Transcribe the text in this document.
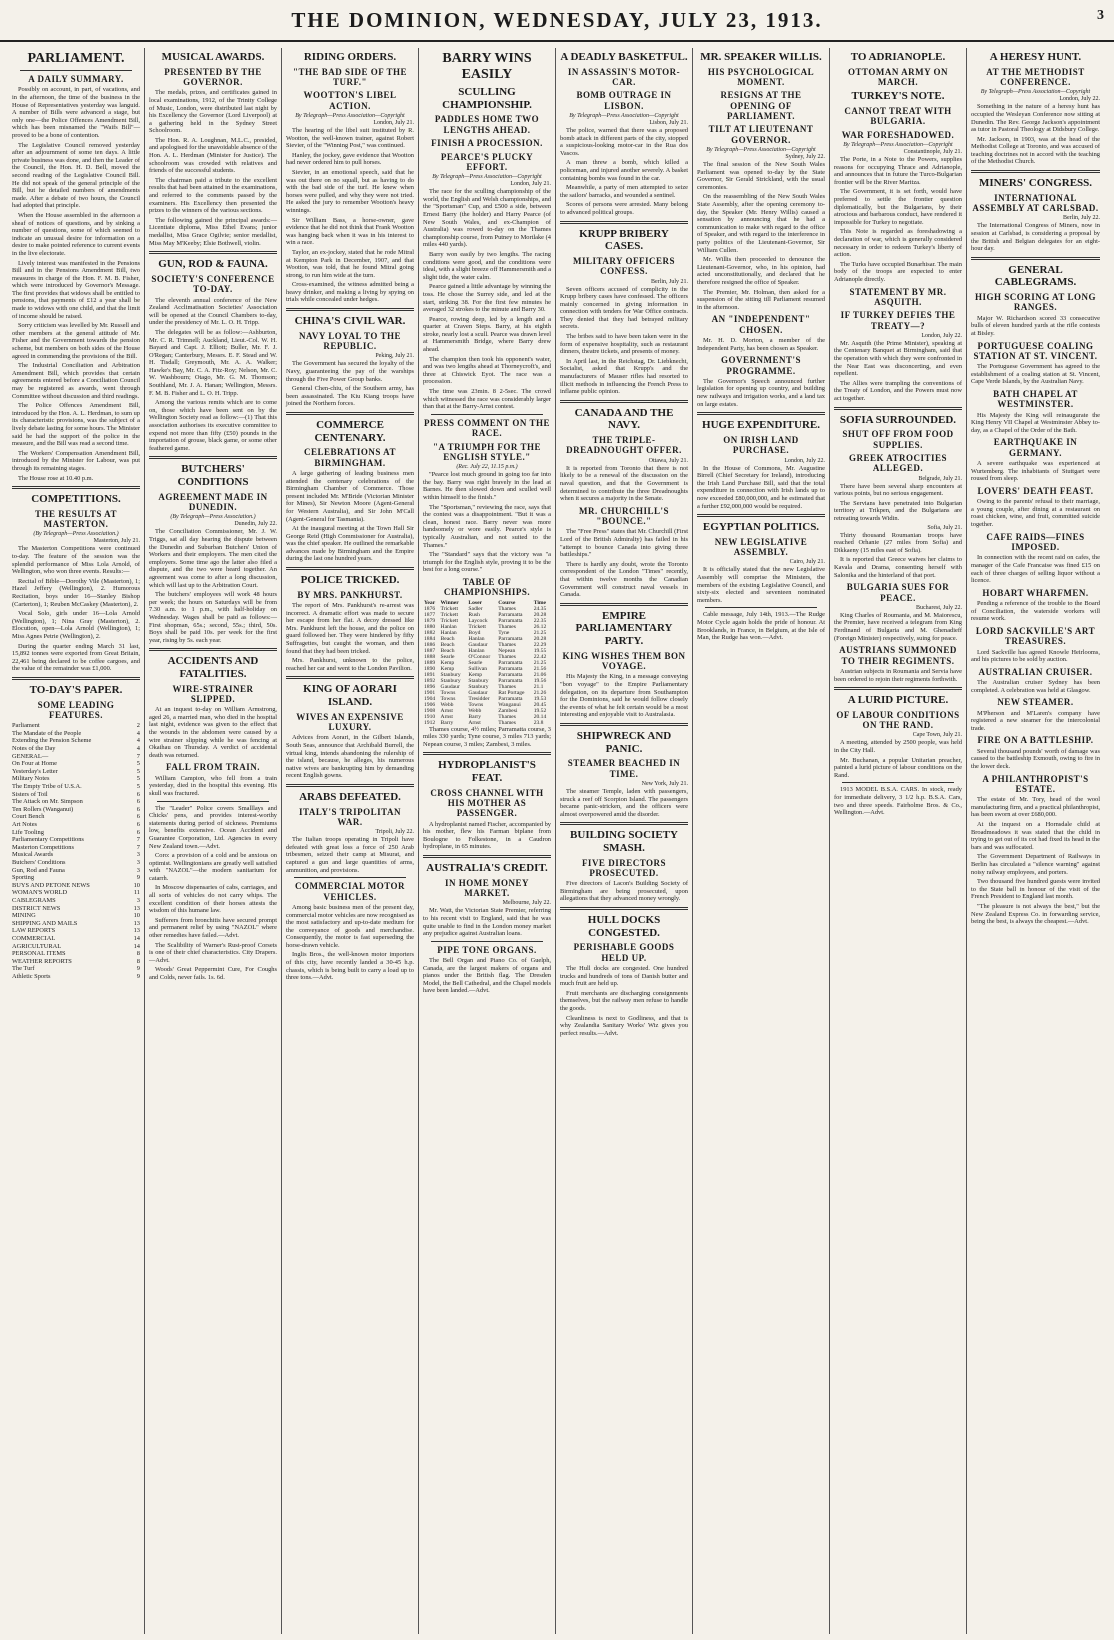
THE DOMINION, WEDNESDAY, JULY 23, 1913.	3
PARLIAMENT.
A DAILY SUMMARY.

Possibly on account, in part, of vacations, and in the afternoon, the time of the business in the House of Representatives yesterday was languid. A number of Bills were advanced a stage, but only one—the Police Offences Amendment Bill, which has been misnamed the "Waifs Bill"—proved to be a bone of contention.

The Legislative Council removed yesterday after an adjournment of some ten days. A little private business was done, and then the Leader of the Council, the Hon. H. D. Bell, moved the second reading of the Legislative Council Bill. He did not speak of the general principle of the Bill, but he detailed numbers of amendments made. After a debate of two hours, the Council had adopted that principle.

When the House assembled in the afternoon a sheaf of notices of questions, and by sinking a number of questions, some of which seemed to indicate an unusual desire for information on a desire to make pointed reference to current events in the live electorate.

Lively interest was manifested in the Pensions Bill and in the Pensions Amendment Bill, two measures in charge of the Hon. F. M. B. Fisher, which were introduced by Governor's Message. The first provides that widows shall be entitled to pensions, that payments of £12 a year shall be made to widows with one child, and that the limit of income should be raised.

Sorry criticism was levelled by Mr. Russell and other members at the general attitude of Mr. Fisher and the Government towards the pension scheme, but members on both sides of the House agreed in commending the provisions of the Bill.

The Industrial Conciliation and Arbitration Amendment Bill, which provides that certain agreements entered before a Conciliation Council may be registered as awards, went through Committee without discussion and third readings.

The Police Offences Amendment Bill, introduced by the Hon. A. L. Herdman, to sum up its characteristic provisions, was the subject of a lively debate lasting for some hours. The Minister said he had the support of the police in the measure, and the Bill was read a second time.

The Workers' Compensation Amendment Bill, introduced by the Minister for Labour, was put through its remaining stages.

The House rose at 10.40 p.m.

COMPETITIONS.
THE RESULTS AT MASTERTON.
(By Telegraph—Press Association.)
Masterton, July 21.

The Masterton Competitions were continued to-day. The feature of the session was the splendid performance of Miss Lola Arnold, of Wellington, who won three events. Results:—

Recital of Bible—Dorothy Vile (Masterton), 1; Hazel Jeffery (Wellington), 2. Humorous Recitation, boys under 16—Stanley Bishop (Carterton), 1; Reuben McCaskey (Masterton), 2.

Vocal Solo, girls under 16—Lola Arnold (Wellington), 1; Nina Gray (Masterton), 2. Elocution, open—Lola Arnold (Wellington), 1; Miss Agnes Petrie (Wellington), 2.

During the quarter ending March 31 last, 15,892 tonnes were exported from Great Britain, 22,461 being declared to be coffee cargoes, and the value of the remainder was £1,000.

TO-DAY'S PAPER.
SOME LEADING FEATURES.
Parliament	2
The Mandate of the People	4
Extending the Pension Scheme	4
Notes of the Day	4
GENERAL—	7
On Four at Home	5
Yesterday's Letter	5
Military Notes	5
The Empty Tribe of U.S.A.	5
Sisters of Toil	6
The Attack on Mr. Simpson	6
Ten Rollers (Wanganui)	6
Court Bench	6
Art Notes	6
Life Tooling	6
Parliamentary Competitions	7
Masterton Competitions	7
Musical Awards	3
Butchers' Conditions	3
Gun, Rod and Fauna	3
Sporting	9
BUYS AND PETONE NEWS	10
WOMAN'S WORLD	11
CABLEGRAMS	3
DISTRICT NEWS	13
MINING	10
SHIPPING AND MAILS	13
LAW REPORTS	13
COMMERCIAL	14
AGRICULTURAL	14
PERSONAL ITEMS	8
WEATHER REPORTS	8
The Turf	9
Athletic Sports	9
MUSICAL AWARDS.
PRESENTED BY THE GOVERNOR.

The medals, prizes, and certificates gained in local examinations, 1912, of the Trinity College of Music, London, were distributed last night by his Excellency the Governor (Lord Liverpool) at a gathering held in the Sydney Street Schoolroom.

The Hon. R. A. Loughnan, M.L.C., presided, and apologised for the unavoidable absence of the Hon. A. L. Herdman (Minister for Justice). The schoolroom was crowded with relatives and friends of the successful students.

The chairman paid a tribute to the excellent results that had been attained in the examinations, and referred to the comments passed by the examiners. His Excellency then presented the prizes to the winners of the various sections.

The following gained the principal awards:—Licentiate diploma, Miss Ethel Evans; junior medallist, Miss Grace Ogilvie; senior medallist, Miss May M'Keeby; Elsie Bothwell, violin.

GUN, ROD & FAUNA.
SOCIETY'S CONFERENCE TO-DAY.

The eleventh annual conference of the New Zealand Acclimatisation Societies' Association will be opened at the Council Chambers to-day, under the presidency of Mr. L. O. H. Tripp.

The delegates will be as follow:—Ashburton, Mr. C. R. Trimnell; Auckland, Lieut.-Col. W. H. Bayard and Capt. J. Elliott; Buller, Mr. F. J. O'Regan; Canterbury, Messrs. E. F. Stead and W. H. Tisdall; Greymouth, Mr. A. A. Walker; Hawke's Bay, Mr. C. A. Fitz-Roy; Nelson, Mr. C. W. Washbourn; Otago, Mr. G. M. Thomson; Southland, Mr. J. A. Hanan; Wellington, Messrs. F. M. B. Fisher and L. O. H. Tripp.

Among the various remits which are to come on, those which have been sent on by the Wellington Society read as follow:—(1) That this association authorises its executive committee to expend not more than fifty (£50) pounds in the importation of grouse, black game, or some other feathered game.

BUTCHERS' CONDITIONS
AGREEMENT MADE IN DUNEDIN.
(By Telegraph—Press Association.)
Dunedin, July 22.

The Conciliation Commissioner, Mr. J. W. Triggs, sat all day hearing the dispute between the Dunedin and Suburban Butchers' Union of Workers and their employers. The men cited the employers. Some time ago the latter also filed a dispute, and the two were heard together. An agreement was come to after a long discussion, which will last up to the Arbitration Court.

The butchers' employees will work 48 hours per week; the hours on Saturdays will be from 7.30 a.m. to 1 p.m., with half-holiday on Wednesday. Wages shall be paid as follows:—First shopman, 65s.; second, 55s.; third, 50s. Boys shall be paid 10s. per week for the first year, rising by 5s. each year.

ACCIDENTS AND FATALITIES.
WIRE-STRAINER SLIPPED.

At an inquest to-day on William Armstrong, aged 26, a married man, who died in the hospital last night, evidence was given to the effect that the wounds in the abdomen were caused by a wire strainer slipping while he was fencing at Okaihau on Thursday. A verdict of accidental death was returned.

FALL FROM TRAIN.

William Campion, who fell from a train yesterday, died in the hospital this evening. His skull was fractured.

The "Leader" Police covers Smalllays and Chicks' pens, and provides interest-worthy statements during period of sickness. Premiums low, benefits extensive. Ocean Accident and Guarantee Corporation, Ltd. Agencies in every New Zealand town.—Advt.

Coro: a provision of a cold and be anxious on optimist. Wellingtonians are greatly well satisfied with "NAZOL"—the modern sanitarium for catarrh.

In Moscow dispensaries of cabs, carriages, and all sorts of vehicles do not carry whips. The excellent condition of their horses attests the wisdom of this humane law.

Sufferers from bronchitis have secured prompt and permanent relief by using "NAZOL" where other remedies have failed.—Advt.

The Scalibility of Warner's Rust-proof Corsets is one of their chief characteristics. City Drapers.—Advt.

Woods' Great Peppermint Cure, For Coughs and Colds, never fails. 1s. 6d.

RIDING ORDERS.
"THE BAD SIDE OF THE TURF."
WOOTTON'S LIBEL ACTION.
By Telegraph—Press Association—Copyright
London, July 21.

The hearing of the libel suit instituted by R. Wootton, the well-known trainer, against Robert Sievier, of the "Winning Post," was continued.

Hanley, the jockey, gave evidence that Wootton had never ordered him to pull horses.

Sievier, in an emotional speech, said that he was out there on no squall, but as having to do with the bad side of the turf. He knew when horses were pulled, and why they were not tried. He asked the jury to remember Wootton's heavy winnings.

Sir William Bass, a horse-owner, gave evidence that he did not think that Frank Wootton was hanging back when it was in his interest to win a race.

Taylor, an ex-jockey, stated that he rode Mitral at Kempton Park in December, 1907, and that Wootton, was told, that he found Mitral going strong, to run him wide at the turn.

Cross-examined, the witness admitted being a heavy drinker, and making a living by spying on trials while concealed under hedges.

CHINA'S CIVIL WAR.
NAVY LOYAL TO THE REPUBLIC.
Peking, July 21.

The Government has secured the loyalty of the Navy, guaranteeing the pay of the warships through the Five Power Group banks.

General Chen-chiu, of the Southern army, has been assassinated. The Kiu Kiang troops have joined the Northern forces.

COMMERCE CENTENARY.
CELEBRATIONS AT BIRMINGHAM.

A large gathering of leading business men attended the centenary celebrations of the Birmingham Chamber of Commerce. Those present included Mr. M'Bride (Victorian Minister for Mines), Sir Newton Moore (Agent-General for Western Australia), and Sir John M'Call (Agent-General for Tasmania).

At the inaugural meeting at the Town Hall Sir George Reid (High Commissioner for Australia), was the chief speaker. He outlined the remarkable advances made by Birmingham and the Empire during the last one hundred years.

POLICE TRICKED.
BY MRS. PANKHURST.

The report of Mrs. Pankhurst's re-arrest was incorrect. A dramatic effort was made to secure her escape from her flat. A decoy dressed like Mrs. Pankhurst left the house, and the police on guard followed her. They were hindered by fifty Suffragettes, but caught the woman, and then found that they had been tricked.

Mrs. Pankhurst, unknown to the police, reached her car and went to the London Pavilion.

KING OF AORARI ISLAND.
WIVES AN EXPENSIVE LUXURY.

Advices from Aorari, in the Gilbert Islands, South Seas, announce that Archibald Burrell, the virtual king, intends abandoning the rulership of the island, because, he alleges, his numerous native wives are bankrupting him by demanding recent English gowns.

ARABS DEFEATED.
ITALY'S TRIPOLITAN WAR.
Tripoli, July 22.

The Italian troops operating in Tripoli have defeated with great loss a force of 250 Arab tribesmen, seized their camp at Misurat, and captured a gun and large quantities of arms, ammunition, and provisions.

COMMERCIAL MOTOR VEHICLES.

Among basic business men of the present day, commercial motor vehicles are now recognised as the most satisfactory and up-to-date medium for the conveyance of goods and merchandise. Consequently, the motor is fast superseding the horse-drawn vehicle.

Inglis Bros., the well-known motor importers of this city, have recently landed a 30-45 h.p. chassis, which is being built to carry a load up to three tons.—Advt.

BARRY WINS EASILY
SCULLING CHAMPIONSHIP.
PADDLES HOME TWO LENGTHS AHEAD.
FINISH A PROCESSION.
PEARCE'S PLUCKY EFFORT.
By Telegraph—Press Association—Copyright
London, July 21.

The race for the sculling championship of the world, the English and Welsh championships, and the "Sportsman" Cup, and £500 a side, between Ernest Barry (the holder) and Harry Pearce (of New South Wales, and ex-Champion of Australia) was rowed to-day on the Thames championship course, from Putney to Mortlake (4 miles 440 yards).

Barry won easily by two lengths. The racing conditions were good, and the conditions were ideal, with a slight breeze off Hammersmith and a slight tide, the water calm.

Pearce gained a little advantage by winning the toss. He chose the Surrey side, and led at the start, striking 38. For the first few minutes he averaged 32 strokes to the minute and Barry 30.

Pearce, rowing deep, led by a length and a quarter at Craven Steps. Barry, at his eighth stroke, nearly lost a scull. Pearce was drawn level at Hammersmith Bridge, where Barry drew ahead.

The champion then took his opponent's water, and was two lengths ahead at Thorneycroft's, and three at Chiswick Eyot. The race was a procession.

The time was 23min. 8 2-5sec. The crowd which witnessed the race was considerably larger than that at the Barry-Arnst contest.

PRESS COMMENT ON THE RACE.
"A TRIUMPH FOR THE ENGLISH STYLE."
(Rec. July 22, 11.15 p.m.)

"Pearce lost much ground in going too far into the bay. Barry was right bravely in the lead at Barnes. He then slowed down and sculled well within himself to the finish."

The "Sportsman," reviewing the race, says that the contest was a disappointment. "But it was a clean, honest race. Barry never was more handsomely or wore easily. Pearce's style is typically Australian, and not suited to the Thames."

The "Standard" says that the victory was "a triumph for the English style, proving it to be the best for a long course."

TABLE OF CHAMPIONSHIPS.
Year	Winner	Loser	Course	Time
1876	Trickett	Sadler	Thames	24.35
1877	Trickett	Rush	Parramatta	20.28
1879	Trickett	Laycock	Parramatta	22.35
1880	Hanlan	Trickett	Thames	26.12
1882	Hanlan	Boyd	Tyne	21.25
1884	Beach	Hanlan	Parramatta	20.28
1886	Beach	Gaudaur	Thames	22.29
1887	Beach	Hanlan	Nepean	19.55
1888	Searle	O'Connor	Thames	22.42
1889	Kemp	Searle	Parramatta	21.25
1890	Kemp	Sullivan	Parramatta	21.56
1891	Stanbury	Kemp	Parramatta	21.06
1892	Stanbury	Stanbury	Parramatta	19.56
1896	Gaudaur	Stanbury	Thames	21.1
1901	Towns	Gaudaur	Rat Portage	21.26
1904	Towns	Tresidder	Parramatta	19.53
1906	Webb	Towns	Wanganui	20.45
1908	Arnst	Webb	Zambesi	19.52
1910	Arnst	Barry	Thames	20.14
1912	Barry	Arnst	Thames	23.8

Thames course, 4½ miles; Parramatta course, 3 miles 330 yards; Tyne course, 3 miles 713 yards; Nepean course, 3 miles; Zambesi, 3 miles.

HYDROPLANIST'S FEAT.
CROSS CHANNEL WITH HIS MOTHER AS PASSENGER.

A hydroplanist named Fischer, accompanied by his mother, flew his Farman biplane from Boulogne to Folkestone, in a Caudron hydroplane, in 65 minutes.

AUSTRALIA'S CREDIT.
IN HOME MONEY MARKET.
Melbourne, July 22.

Mr. Watt, the Victorian State Premier, referring to his recent visit to England, said that he was quite unable to find in the London money market any prejudice against Australian loans.

PIPE TONE ORGANS.

The Bell Organ and Piano Co. of Guelph, Canada, are the largest makers of organs and pianos under the British flag. The Dresden Model, the Bell Cathedral, and the Chapel models have been landed.—Advt.

A DEADLY BASKETFUL.
IN ASSASSIN'S MOTOR-CAR.
BOMB OUTRAGE IN LISBON.
By Telegraph—Press Association—Copyright
Lisbon, July 21.

The police, warned that there was a proposed bomb attack in different parts of the city, stopped a suspicious-looking motor-car in the Rua dos Vascos.

A man threw a bomb, which killed a policeman, and injured another severely. A basket containing bombs was found in the car.

Meanwhile, a party of men attempted to seize the sailors' barracks, and wounded a sentinel.

Scores of persons were arrested. Many belong to advanced political groups.

KRUPP BRIBERY CASES.
MILITARY OFFICERS CONFESS.
Berlin, July 21.

Seven officers accused of complicity in the Krupp bribery cases have confessed. The officers mainly concerned in giving information in connection with tenders for War Office contracts. They denied that they had betrayed military secrets.

The bribes said to have been taken were in the form of expensive hospitality, such as restaurant dinners, theatre tickets, and presents of money.

In April last, in the Reichstag, Dr. Liebknecht, Socialist, asked that Krupp's and the manufacturers of Mauser rifles had resorted to illicit methods in influencing the French Press to inflame public opinion.

CANADA AND THE NAVY.
THE TRIPLE-DREADNOUGHT OFFER.
Ottawa, July 21.

It is reported from Toronto that there is not likely to be a renewal of the discussion on the naval question, and that the Government is determined to contribute the three Dreadnoughts when it secures a majority in the Senate.

MR. CHURCHILL'S "BOUNCE."

The "Free Press" states that Mr. Churchill (First Lord of the British Admiralty) has failed in his "attempt to bounce Canada into giving three battleships."

There is hardly any doubt, wrote the Toronto correspondent of the London "Times" recently, that within twelve months the Canadian Government will construct naval vessels in Canada.

EMPIRE PARLIAMENTARY PARTY.
KING WISHES THEM BON VOYAGE.

His Majesty the King, in a message conveying "bon voyage" to the Empire Parliamentary delegation, on its departure from Southampton for the Dominions, said he would follow closely the events of what he felt certain would be a most interesting and enjoyable visit to Australasia.

SHIPWRECK AND PANIC.
STEAMER BEACHED IN TIME.
New York, July 21.

The steamer Temple, laden with passengers, struck a reef off Scorpion Island. The passengers became panic-stricken, and the officers were almost overpowered amid the disorder.

BUILDING SOCIETY SMASH.
FIVE DIRECTORS PROSECUTED.

Five directors of Lacon's Building Society of Birmingham are being prosecuted, upon allegations that they advanced money wrongly.

HULL DOCKS CONGESTED.
PERISHABLE GOODS HELD UP.

The Hull docks are congested. One hundred trucks and hundreds of tons of Danish butter and much fruit are held up.

Fruit merchants are discharging consignments themselves, but the railway men refuse to handle the goods.

Cleanliness is next to Godliness, and that is why Zealandia Sanitary Works' Wiz gives you perfect results.—Advt.

MR. SPEAKER WILLIS.
HIS PSYCHOLOGICAL MOMENT.
RESIGNS AT THE OPENING OF PARLIAMENT.
TILT AT LIEUTENANT GOVERNOR.
By Telegraph—Press Association—Copyright
Sydney, July 22.

The final session of the New South Wales Parliament was opened to-day by the State Governor, Sir Gerald Strickland, with the usual ceremonies.

On the reassembling of the New South Wales State Assembly, after the opening ceremony to-day, the Speaker (Mr. Henry Willis) caused a sensation by announcing that he had a communication to make with regard to the office of Speaker, and with regard to the interference in party politics of the Lieutenant-Governor, Sir William Cullen.

Mr. Willis then proceeded to denounce the Lieutenant-Governor, who, in his opinion, had acted unconstitutionally, and declared that he therefore resigned the office of Speaker.

The Premier, Mr. Holman, then asked for a suspension of the sitting till Parliament resumed in the afternoon.

AN "INDEPENDENT" CHOSEN.

Mr. H. D. Morton, a member of the Independent Party, has been chosen as Speaker.

GOVERNMENT'S PROGRAMME.

The Governor's Speech announced further legislation for opening up country, and building new railways and irrigation works, and a land tax on large estates.

HUGE EXPENDITURE.
ON IRISH LAND PURCHASE.
London, July 22.

In the House of Commons, Mr. Augustine Birrell (Chief Secretary for Ireland), introducing the Irish Land Purchase Bill, said that the total expenditure in connection with Irish lands up to now exceeded £80,000,000, and he estimated that a further £92,000,000 would be required.

EGYPTIAN POLITICS.
NEW LEGISLATIVE ASSEMBLY.
Cairo, July 21.

It is officially stated that the new Legislative Assembly will comprise the Ministers, the members of the existing Legislative Council, and sixty-six elected and seventeen nominated members.

Cable message, July 14th, 1913.—The Rudge Motor Cycle again holds the pride of honour. At Brooklands, in France, in Belgium, at the Isle of Man, the Rudge has won.—Advt.

TO ADRIANOPLE.
OTTOMAN ARMY ON MARCH.
TURKEY'S NOTE.
CANNOT TREAT WITH BULGARIA.
WAR FORESHADOWED.
By Telegraph—Press Association—Copyright
Constantinople, July 21.

The Porte, in a Note to the Powers, supplies reasons for occupying Thrace and Adrianople, and announces that in future the Turco-Bulgarian frontier will be the River Maritza.

The Government, it is set forth, would have preferred to settle the frontier question diplomatically, but the Bulgarians, by their atrocious and barbarous conduct, have rendered it impossible for Turkey to negotiate.

This Note is regarded as foreshadowing a declaration of war, which is generally considered necessary in order to redeem Turkey's liberty of action.

The Turks have occupied Bunarhisar. The main body of the troops are expected to enter Adrianople directly.

STATEMENT BY MR. ASQUITH.
IF TURKEY DEFIES THE TREATY—?
London, July 22.

Mr. Asquith (the Prime Minister), speaking at the Centenary Banquet at Birmingham, said that the operation with which they were confronted in the Near East was disconcerting, and even repellent.

The Allies were trampling the conventions of the Treaty of London, and the Powers must now act together.

SOFIA SURROUNDED.
SHUT OFF FROM FOOD SUPPLIES.
GREEK ATROCITIES ALLEGED.
Belgrade, July 21.

There have been several sharp encounters at various points, but no serious engagement.

The Servians have penetrated into Bulgarian territory at Trikpen, and the Bulgarians are retreating towards Widin.

Sofia, July 21.

Thirty thousand Roumanian troops have reached Orhanie (27 miles from Sofia) and Dikkaeny (15 miles east of Sofia).

It is reported that Greece waives her claims to Kavala and Drama, consenting herself with Salonika and the hinterland of that port.

BULGARIA SUES FOR PEACE.
Bucharest, July 22.

King Charles of Roumania, and M. Maiorescu, the Premier, have received a telegram from King Ferdinand of Bulgaria and M. Ghenadieff (Foreign Minister) respectively, suing for peace.

AUSTRIANS SUMMONED TO THEIR REGIMENTS.

Austrian subjects in Roumania and Servia have been ordered to rejoin their regiments forthwith.

A LURID PICTURE.
OF LABOUR CONDITIONS ON THE RAND.
Cape Town, July 21.

A meeting, attended by 2500 people, was held in the City Hall.

Mr. Buchanan, a popular Unitarian preacher, painted a lurid picture of labour conditions on the Rand.

1913 MODEL B.S.A. CARS. In stock, ready for immediate delivery, 3 1/2 h.p. B.S.A. Cars, two and three speeds. Fairholme Bros. & Co., Wellington.—Advt.

A HERESY HUNT.
AT THE METHODIST CONFERENCE.
By Telegraph—Press Association—Copyright
London, July 22.

Something in the nature of a heresy hunt has occupied the Wesleyan Conference now sitting at Dunedin. The Rev. George Jackson's appointment as tutor in Pastoral Theology at Didsbury College.

Mr. Jackson, in 1903, was at the head of the Methodist College at Toronto, and was accused of teaching doctrines not in accord with the teaching of the Methodist Church.

MINERS' CONGRESS.
INTERNATIONAL ASSEMBLY AT CARLSBAD.
Berlin, July 22.

The International Congress of Miners, now in session at Carlsbad, is considering a proposal by the British and Belgian delegates for an eight-hour day.

GENERAL CABLEGRAMS.
HIGH SCORING AT LONG RANGES.

Major W. Richardson scored 33 consecutive bulls of eleven hundred yards at the rifle contests at Bisley.

PORTUGUESE COALING STATION AT ST. VINCENT.

The Portuguese Government has agreed to the establishment of a coaling station at St. Vincent, Cape Verde Islands, by the Australian Navy.

BATH CHAPEL AT WESTMINSTER.

His Majesty the King will reinaugurate the King Henry VII Chapel at Westminster Abbey to-day, as a Chapel of the Order of the Bath.

EARTHQUAKE IN GERMANY.

A severe earthquake was experienced at Wurtemberg. The inhabitants of Stuttgart were roused from sleep.

LOVERS' DEATH FEAST.

Owing to the parents' refusal to their marriage, a young couple, after dining at a restaurant on roast chicken, wine, and fruit, committed suicide together.

CAFE RAIDS—FINES IMPOSED.

In connection with the recent raid on cafes, the manager of the Cafe Francaise was fined £15 on each of three charges of selling liquor without a licence.

HOBART WHARFMEN.

Pending a reference of the trouble to the Board of Conciliation, the waterside workers will resume work.

LORD SACKVILLE'S ART TREASURES.

Lord Sackville has agreed Knowle Heirlooms, and his pictures to be sold by auction.

AUSTRALIAN CRUISER.

The Australian cruiser Sydney has been completed. A celebration was held at Glasgow.

NEW STEAMER.

M'Pherson and M'Laren's company have registered a new steamer for the intercolonial trade.

FIRE ON A BATTLESHIP.

Several thousand pounds' worth of damage was caused to the battleship Exmouth, owing to fire in the lower deck.

A PHILANTHROPIST'S ESTATE.

The estate of Mr. Tory, head of the wool manufacturing firm, and a practical philanthropist, has been sworn at over £680,000.

At the inquest on a Hornsdale child at Broadmeadows it was stated that the child in trying to get out of its cot had fixed its head in the bars and was suffocated.

The Government Department of Railways in Berlin has circulated a "silence warning" against noisy railway employees, and porters.

Two thousand five hundred guests were invited to the State ball in honour of the visit of the French President to England last month.

"The pleasure is not always the best," but the New Zealand Express Co. in forwarding service, being the best, is always the cheapest.—Advt.
